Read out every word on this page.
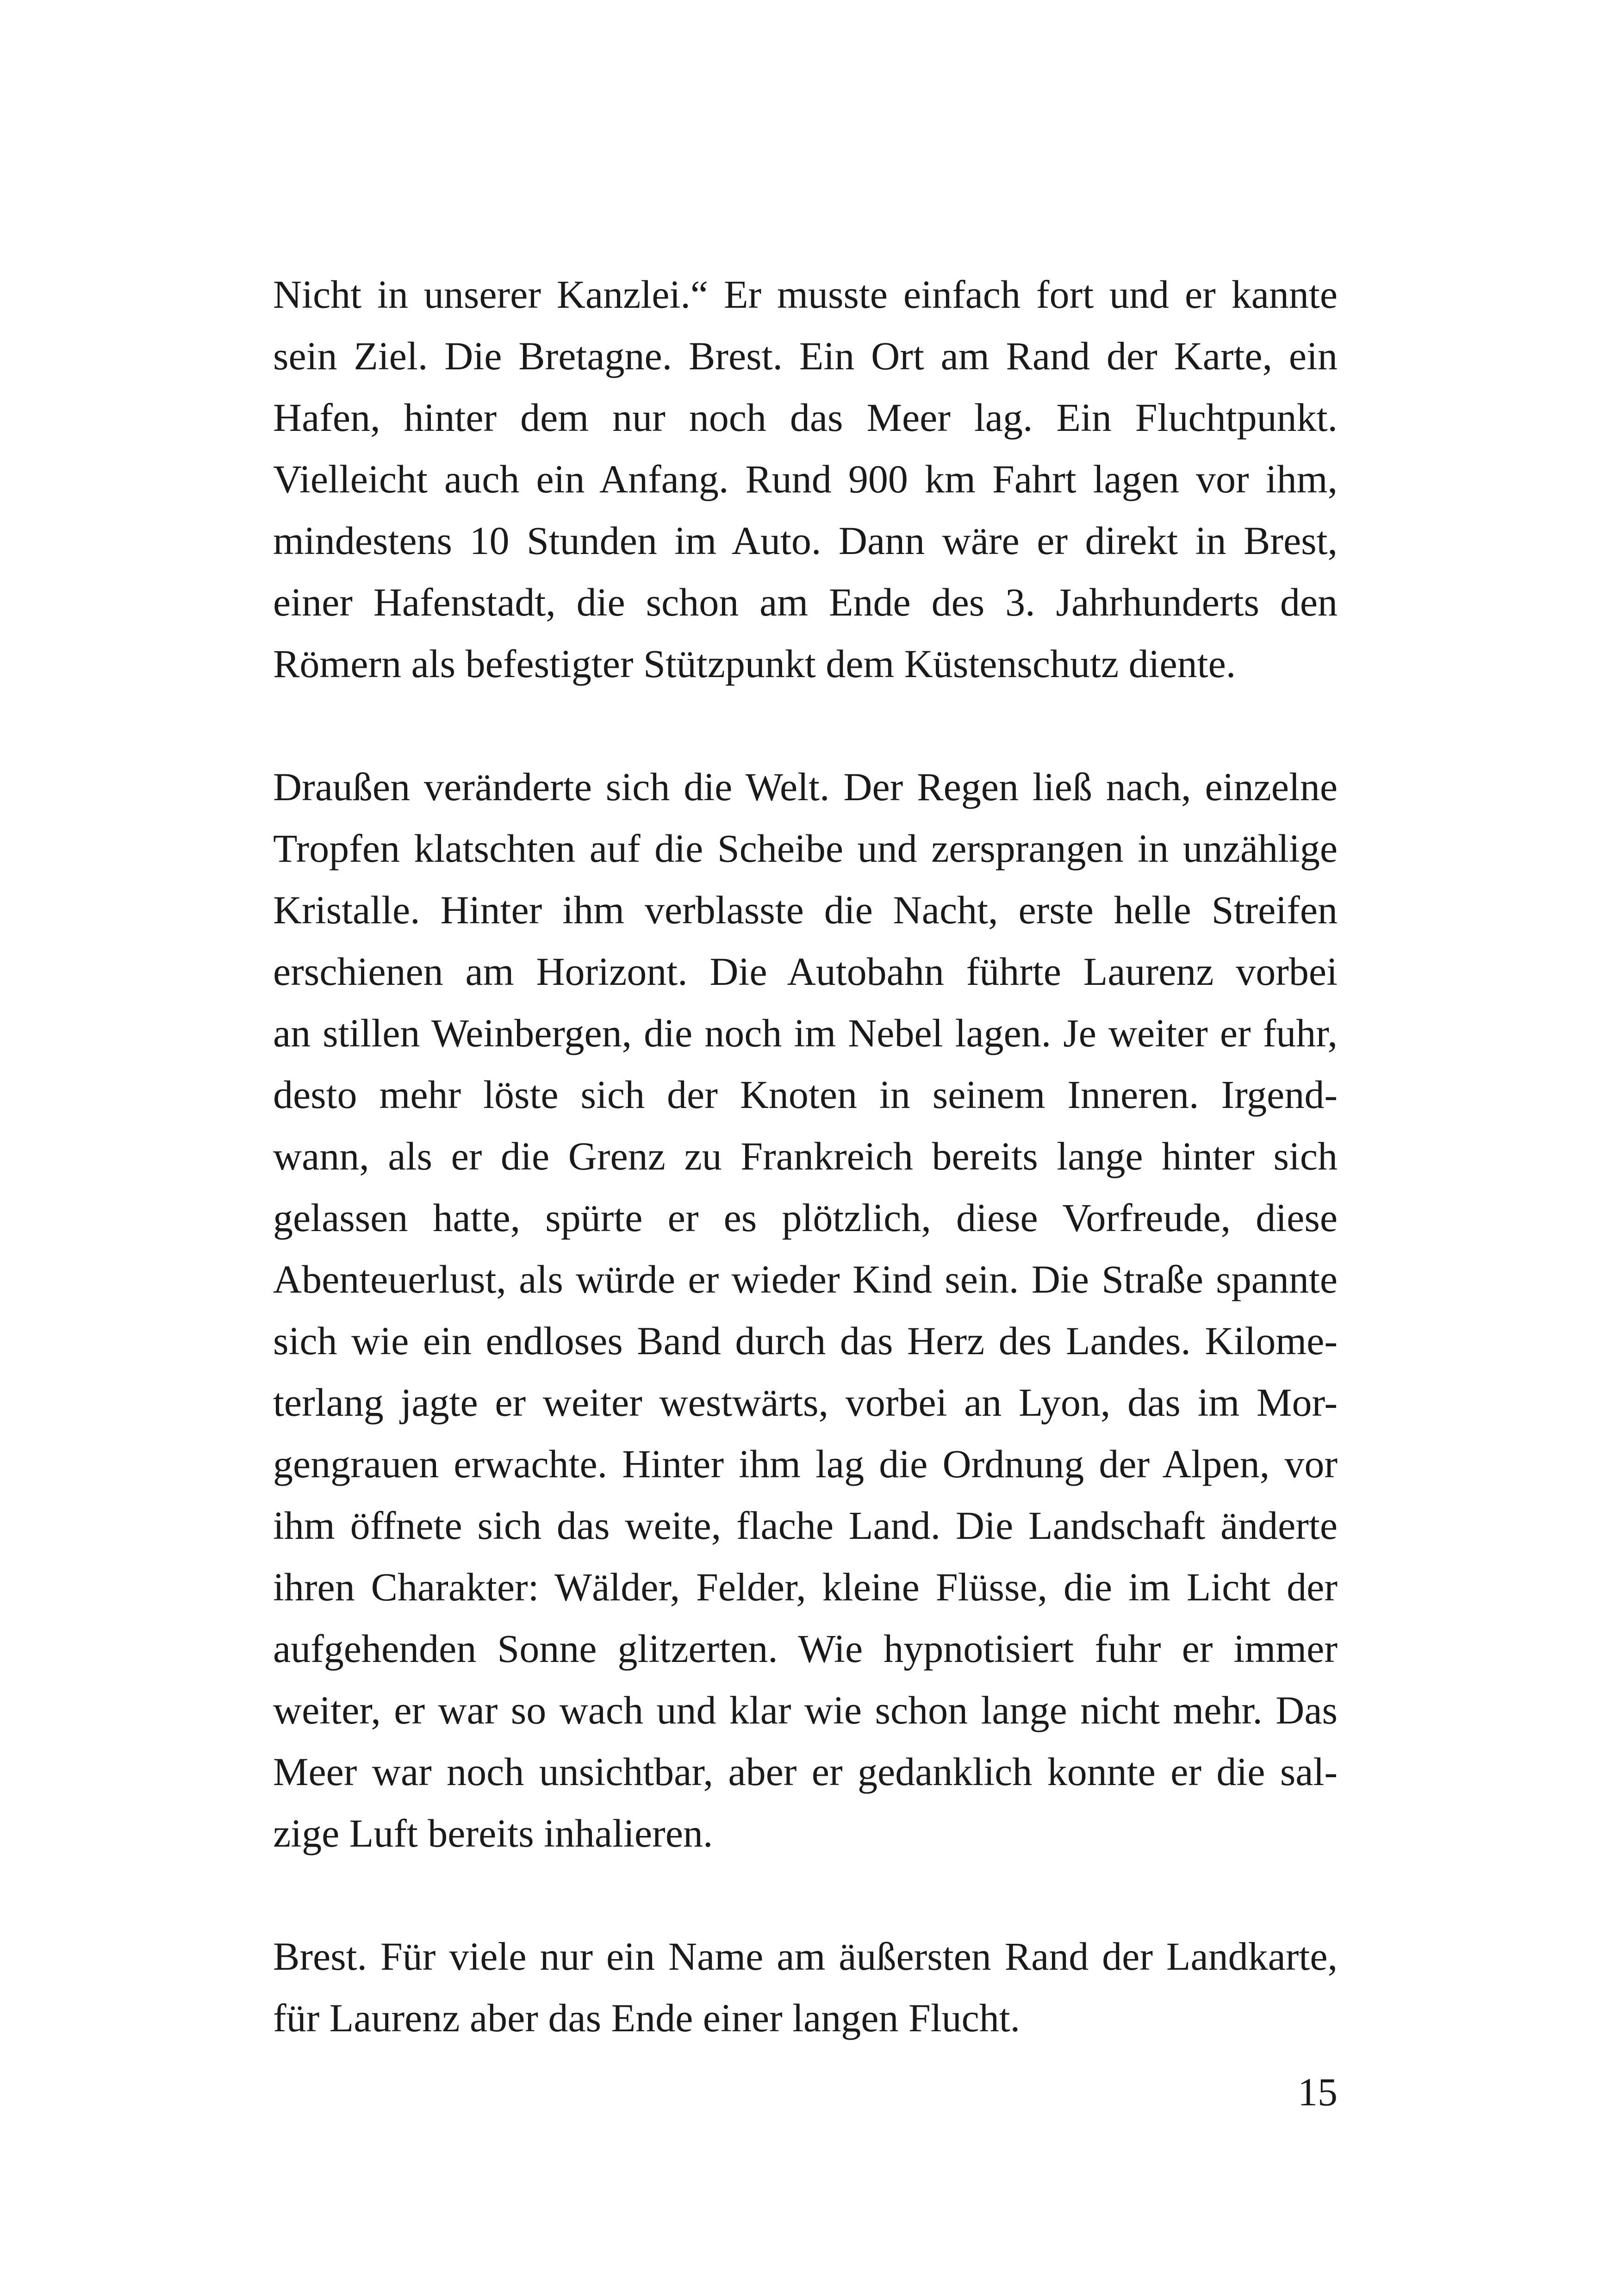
Nicht in unserer Kanzlei.“ Er musste einfach fort und er kannte
sein Ziel. Die Bretagne. Brest. Ein Ort am Rand der Karte, ein
Hafen, hinter dem nur noch das Meer lag. Ein Fluchtpunkt.
Vielleicht auch ein Anfang. Rund 900 km Fahrt lagen vor ihm,
mindestens 10 Stunden im Auto. Dann wäre er direkt in Brest,
einer Hafenstadt, die schon am Ende des 3. Jahrhunderts den
Römern als befestigter Stützpunkt dem Küstenschutz diente.
Draußen veränderte sich die Welt. Der Regen ließ nach, einzelne
Tropfen klatschten auf die Scheibe und zersprangen in unzählige
Kristalle. Hinter ihm verblasste die Nacht, erste helle Streifen
erschienen am Horizont. Die Autobahn führte Laurenz vorbei
an stillen Weinbergen, die noch im Nebel lagen. Je weiter er fuhr,
desto mehr löste sich der Knoten in seinem Inneren. Irgend-
wann, als er die Grenz zu Frankreich bereits lange hinter sich
gelassen hatte, spürte er es plötzlich, diese Vorfreude, diese
Abenteuerlust, als würde er wieder Kind sein. Die Straße spannte
sich wie ein endloses Band durch das Herz des Landes. Kilome-
terlang jagte er weiter westwärts, vorbei an Lyon, das im Mor-
gengrauen erwachte. Hinter ihm lag die Ordnung der Alpen, vor
ihm öffnete sich das weite, flache Land. Die Landschaft änderte
ihren Charakter: Wälder, Felder, kleine Flüsse, die im Licht der
aufgehenden Sonne glitzerten. Wie hypnotisiert fuhr er immer
weiter, er war so wach und klar wie schon lange nicht mehr. Das
Meer war noch unsichtbar, aber er gedanklich konnte er die sal-
zige Luft bereits inhalieren.
Brest. Für viele nur ein Name am äußersten Rand der Landkarte,
für Laurenz aber das Ende einer langen Flucht.
15
